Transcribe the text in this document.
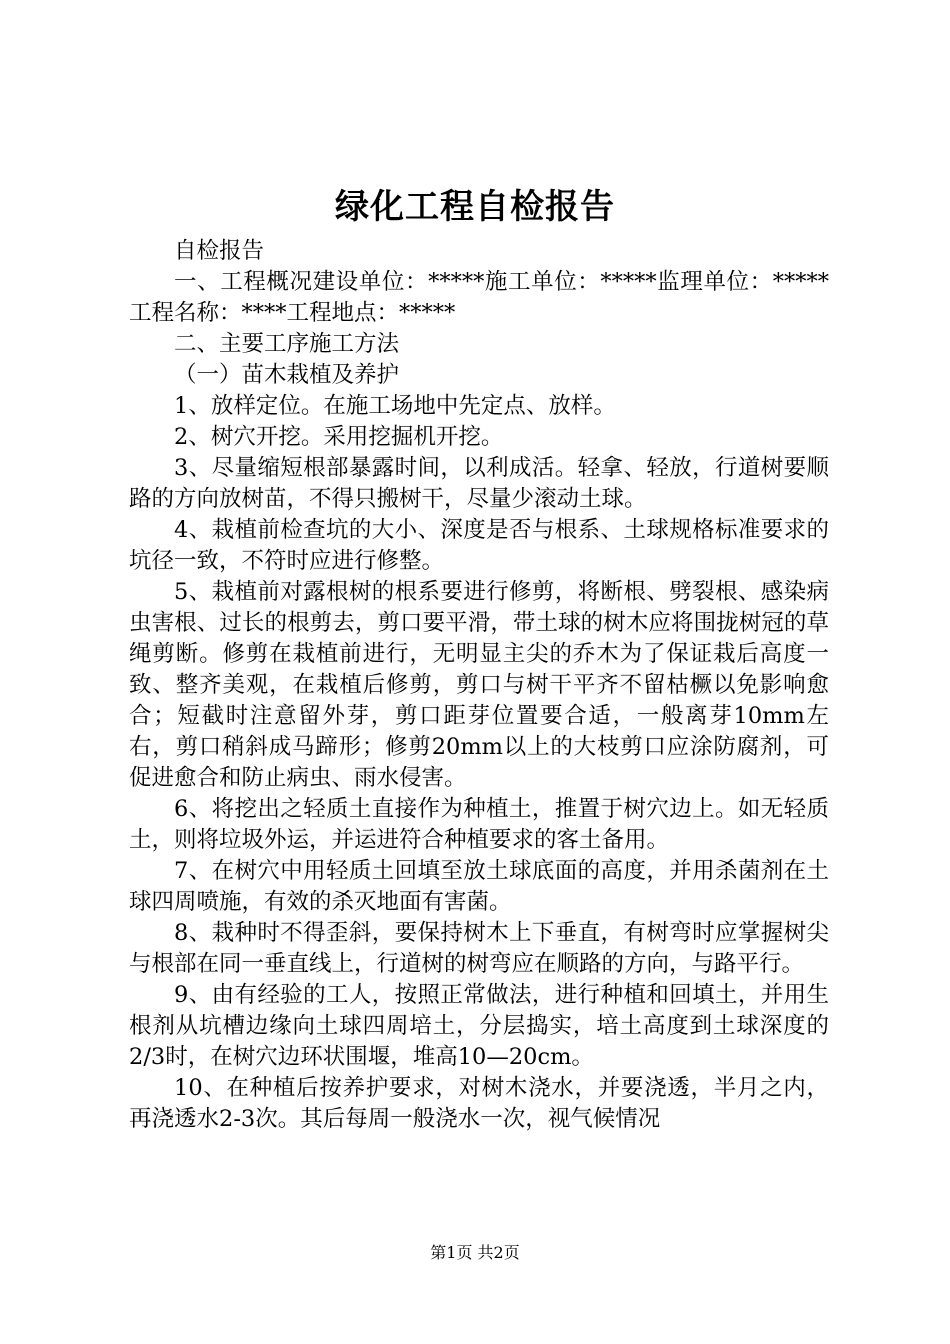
绿化工程自检报告

自检报告

一、工程概况建设单位：*****施工单位：*****监理单位：*****工程名称：****工程地点：*****

二、主要工序施工方法

（一）苗木栽植及养护

1、放样定位。在施工场地中先定点、放样。

2、树穴开挖。采用挖掘机开挖。

3、尽量缩短根部暴露时间，以利成活。轻拿、轻放，行道树要顺路的方向放树苗，不得只搬树干，尽量少滚动土球。

4、栽植前检查坑的大小、深度是否与根系、土球规格标准要求的坑径一致，不符时应进行修整。

5、栽植前对露根树的根系要进行修剪，将断根、劈裂根、感染病虫害根、过长的根剪去，剪口要平滑，带土球的树木应将围拢树冠的草绳剪断。修剪在栽植前进行，无明显主尖的乔木为了保证栽后高度一致、整齐美观，在栽植后修剪，剪口与树干平齐不留枯橛以免影响愈合；短截时注意留外芽，剪口距芽位置要合适，一般离芽10mm左右，剪口稍斜成马蹄形；修剪20mm以上的大枝剪口应涂防腐剂，可促进愈合和防止病虫、雨水侵害。

6、将挖出之轻质土直接作为种植土，推置于树穴边上。如无轻质土，则将垃圾外运，并运进符合种植要求的客土备用。

7、在树穴中用轻质土回填至放土球底面的高度，并用杀菌剂在土球四周喷施，有效的杀灭地面有害菌。

8、栽种时不得歪斜，要保持树木上下垂直，有树弯时应掌握树尖与根部在同一垂直线上，行道树的树弯应在顺路的方向，与路平行。

9、由有经验的工人，按照正常做法，进行种植和回填土，并用生根剂从坑槽边缘向土球四周培土，分层捣实，培土高度到土球深度的2/3时，在树穴边环状围堰，堆高10—20cm。

10、在种植后按养护要求，对树木浇水，并要浇透，半月之内，再浇透水2-3次。其后每周一般浇水一次，视气候情况

第1页 共2页
